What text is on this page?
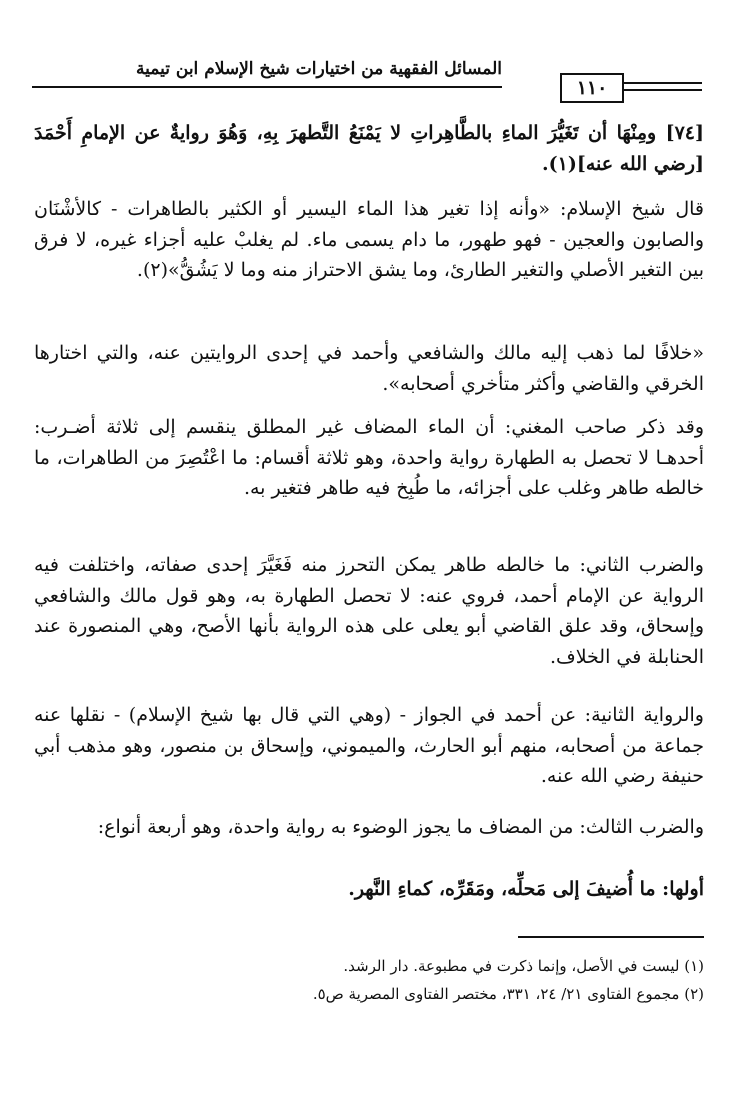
المسائل الفقهية من اختيارات شيخ الإسلام ابن تيمية
١١٠
[٧٤] ومِنْهَا أن تَغَيُّرَ الماءِ بالطَّاهِراتِ لا يَمْنَعُ التَّطهرَ بِهِ، وَهُوَ روايةٌ عن الإمامِ أَحْمَدَ [رضي الله عنه](١).
قال شيخ الإسلام: «وأنه إذا تغير هذا الماء اليسير أو الكثير بالطاهرات - كالأشْنَان والصابون والعجين - فهو طهور، ما دام يسمى ماء. لم يغلبْ عليه أجزاء غيره، لا فرق بين التغير الأصلي والتغير الطارئ، وما يشق الاحتراز منه وما لا يَشُقُّ»(٢).
«خلافًا لما ذهب إليه مالك والشافعي وأحمد في إحدى الروايتين عنه، والتي اختارها الخرقي والقاضي وأكثر متأخري أصحابه».
وقد ذكر صاحب المغني: أن الماء المضاف غير المطلق ينقسم إلى ثلاثة أضـرب: أحدهـا لا تحصل به الطهارة رواية واحدة، وهو ثلاثة أقسام: ما اعْتُصِرَ من الطاهرات، ما خالطه طاهر وغلب على أجزائه، ما طُبِخ فيه طاهر فتغير به.
والضرب الثاني: ما خالطه طاهر يمكن التحرز منه فَغَيَّرَ إحدى صفاته، واختلفت فيه الرواية عن الإمام أحمد، فروي عنه: لا تحصل الطهارة به، وهو قول مالك والشافعي وإسحاق، وقد علق القاضي أبو يعلى على هذه الرواية بأنها الأصح، وهي المنصورة عند الحنابلة في الخلاف.
والرواية الثانية: عن أحمد في الجواز - (وهي التي قال بها شيخ الإسلام) - نقلها عنه جماعة من أصحابه، منهم أبو الحارث، والميموني، وإسحاق بن منصور، وهو مذهب أبي حنيفة رضي الله عنه.
والضرب الثالث: من المضاف ما يجوز الوضوء به رواية واحدة، وهو أربعة أنواع:
أولها: ما أُضيفَ إلى مَحلِّه، ومَقَرِّه، كماءِ النَّهر.
(١) ليست في الأصل، وإنما ذكرت في مطبوعة. دار الرشد.
(٢) مجموع الفتاوى ٢١/ ٢٤، ٣٣١، مختصر الفتاوى المصرية ص٥.
